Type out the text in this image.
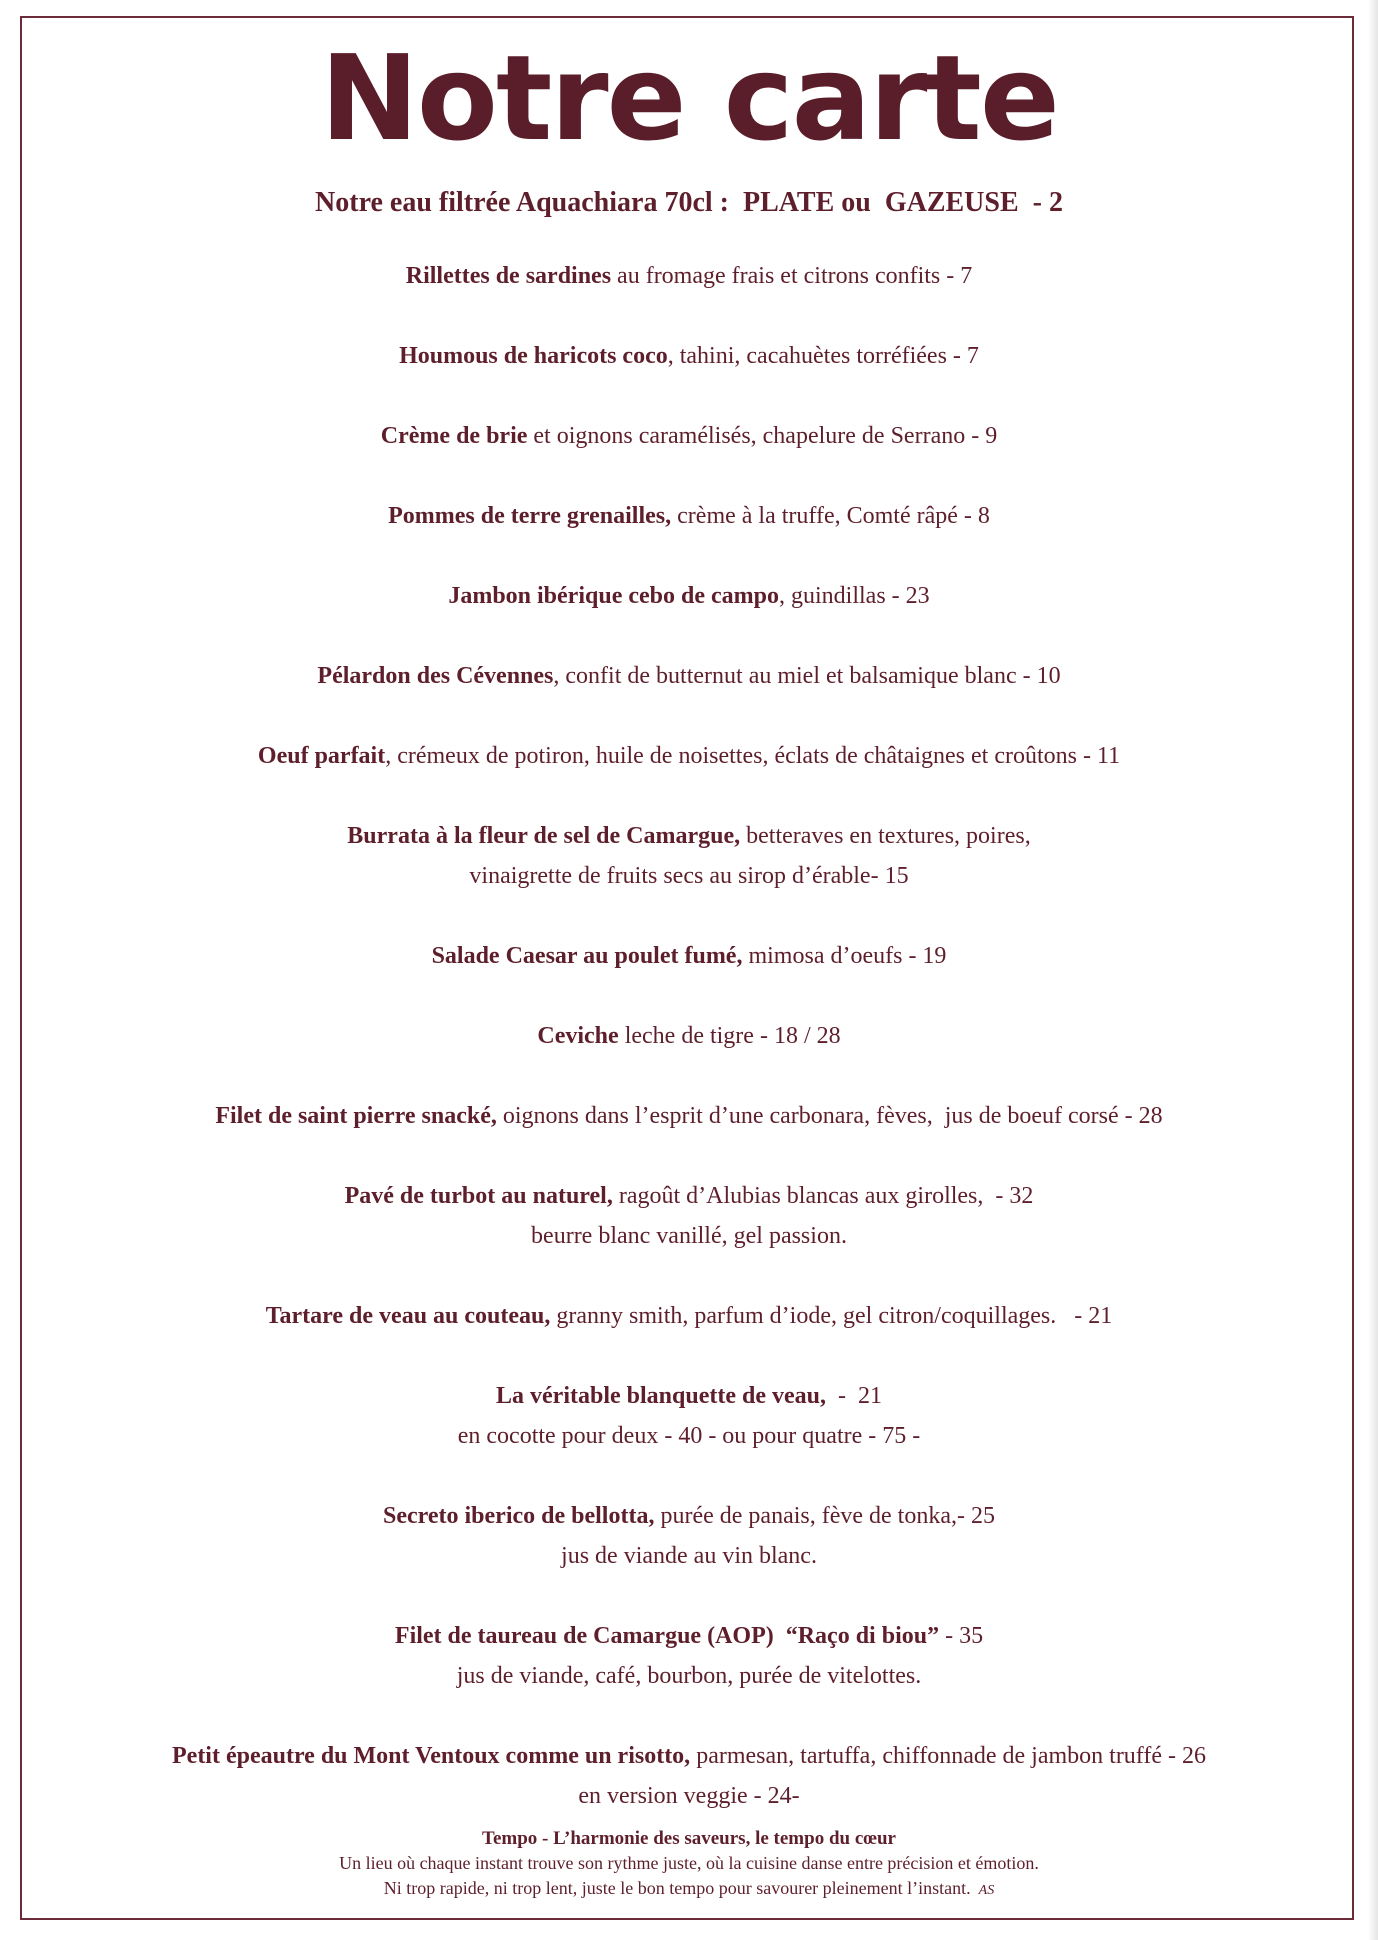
Notre carte
Notre eau filtrée Aquachiara 70cl :  PLATE ou  GAZEUSE  - 2
Rillettes de sardines au fromage frais et citrons confits - 7
Houmous de haricots coco, tahini, cacahuètes torréfiées - 7
Crème de brie et oignons caramélisés, chapelure de Serrano - 9
Pommes de terre grenailles, crème à la truffe, Comté râpé - 8
Jambon ibérique cebo de campo, guindillas - 23
Pélardon des Cévennes, confit de butternut au miel et balsamique blanc - 10
Oeuf parfait, crémeux de potiron, huile de noisettes, éclats de châtaignes et croûtons - 11
Burrata à la fleur de sel de Camargue, betteraves en textures, poires,
vinaigrette de fruits secs au sirop d’érable- 15
Salade Caesar au poulet fumé, mimosa d’oeufs - 19
Ceviche leche de tigre - 18 / 28
Filet de saint pierre snacké, oignons dans l’esprit d’une carbonara, fèves,  jus de boeuf corsé - 28
Pavé de turbot au naturel, ragoût d’Alubias blancas aux girolles,  - 32
beurre blanc vanillé, gel passion.
Tartare de veau au couteau, granny smith, parfum d’iode, gel citron/coquillages.   - 21
La véritable blanquette de veau,  -  21
en cocotte pour deux - 40 - ou pour quatre - 75 -
Secreto iberico de bellotta, purée de panais, fève de tonka,- 25
jus de viande au vin blanc.
Filet de taureau de Camargue (AOP)  “Raço di biou” - 35
jus de viande, café, bourbon, purée de vitelottes.
Petit épeautre du Mont Ventoux comme un risotto, parmesan, tartuffa, chiffonnade de jambon truffé - 26
en version veggie - 24-
Tempo - L’harmonie des saveurs, le tempo du cœur
Un lieu où chaque instant trouve son rythme juste, où la cuisine danse entre précision et émotion.
Ni trop rapide, ni trop lent, juste le bon tempo pour savourer pleinement l’instant. AS
